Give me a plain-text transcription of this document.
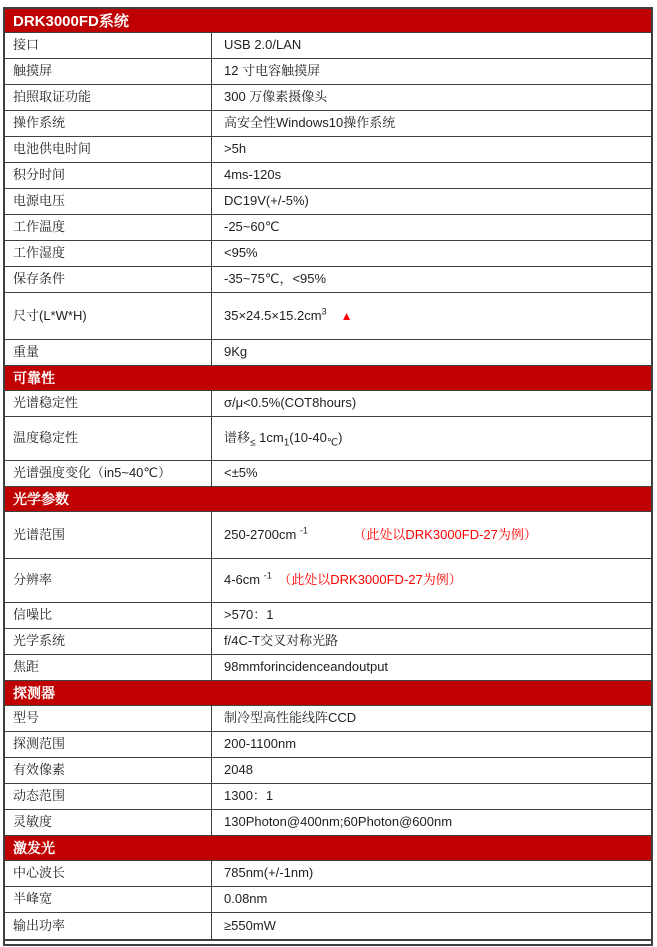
DRK3000FD系统
接口	USB 2.0/LAN
触摸屏	12 寸电容触摸屏
拍照取证功能	300 万像素摄像头
操作系统	高安全性Windows10操作系统
电池供电时间	>5h
积分时间	4ms-120s
电源电压	DC19V(+/-5%)
工作温度	-25~60℃
工作湿度	<95%
保存条件	-35~75℃，<95%
尺寸(L*W*H)	$35\times 24.5\times 15.2cm^3$ ▲
重量	9Kg
可靠性
光谱稳定性	σ/μ<0.5%(COT8hours)
温度稳定性	谱移$_\le$ $1cm_1(10-40_℃)$
光谱强度变化（in5~40℃）	<±5%
光学参数
光谱范围	250-2700cm $^{-1}$　　　　（此处以DRK3000FD-27为例）
分辨率	4-6cm $^{-1}$　（此处以DRK3000FD-27为例）
信噪比	>570：1
光学系统	f/4C-T交叉对称光路
焦距	98mmforincidenceandoutput
探测器
型号	制冷型高性能线阵CCD
探测范围	200-1100nm
有效像素	2048
动态范围	1300：1
灵敏度	130Photon@400nm;60Photon@600nm
激发光
中心波长	785nm(+/-1nm)
半峰宽	0.08nm
输出功率	≥550mW
